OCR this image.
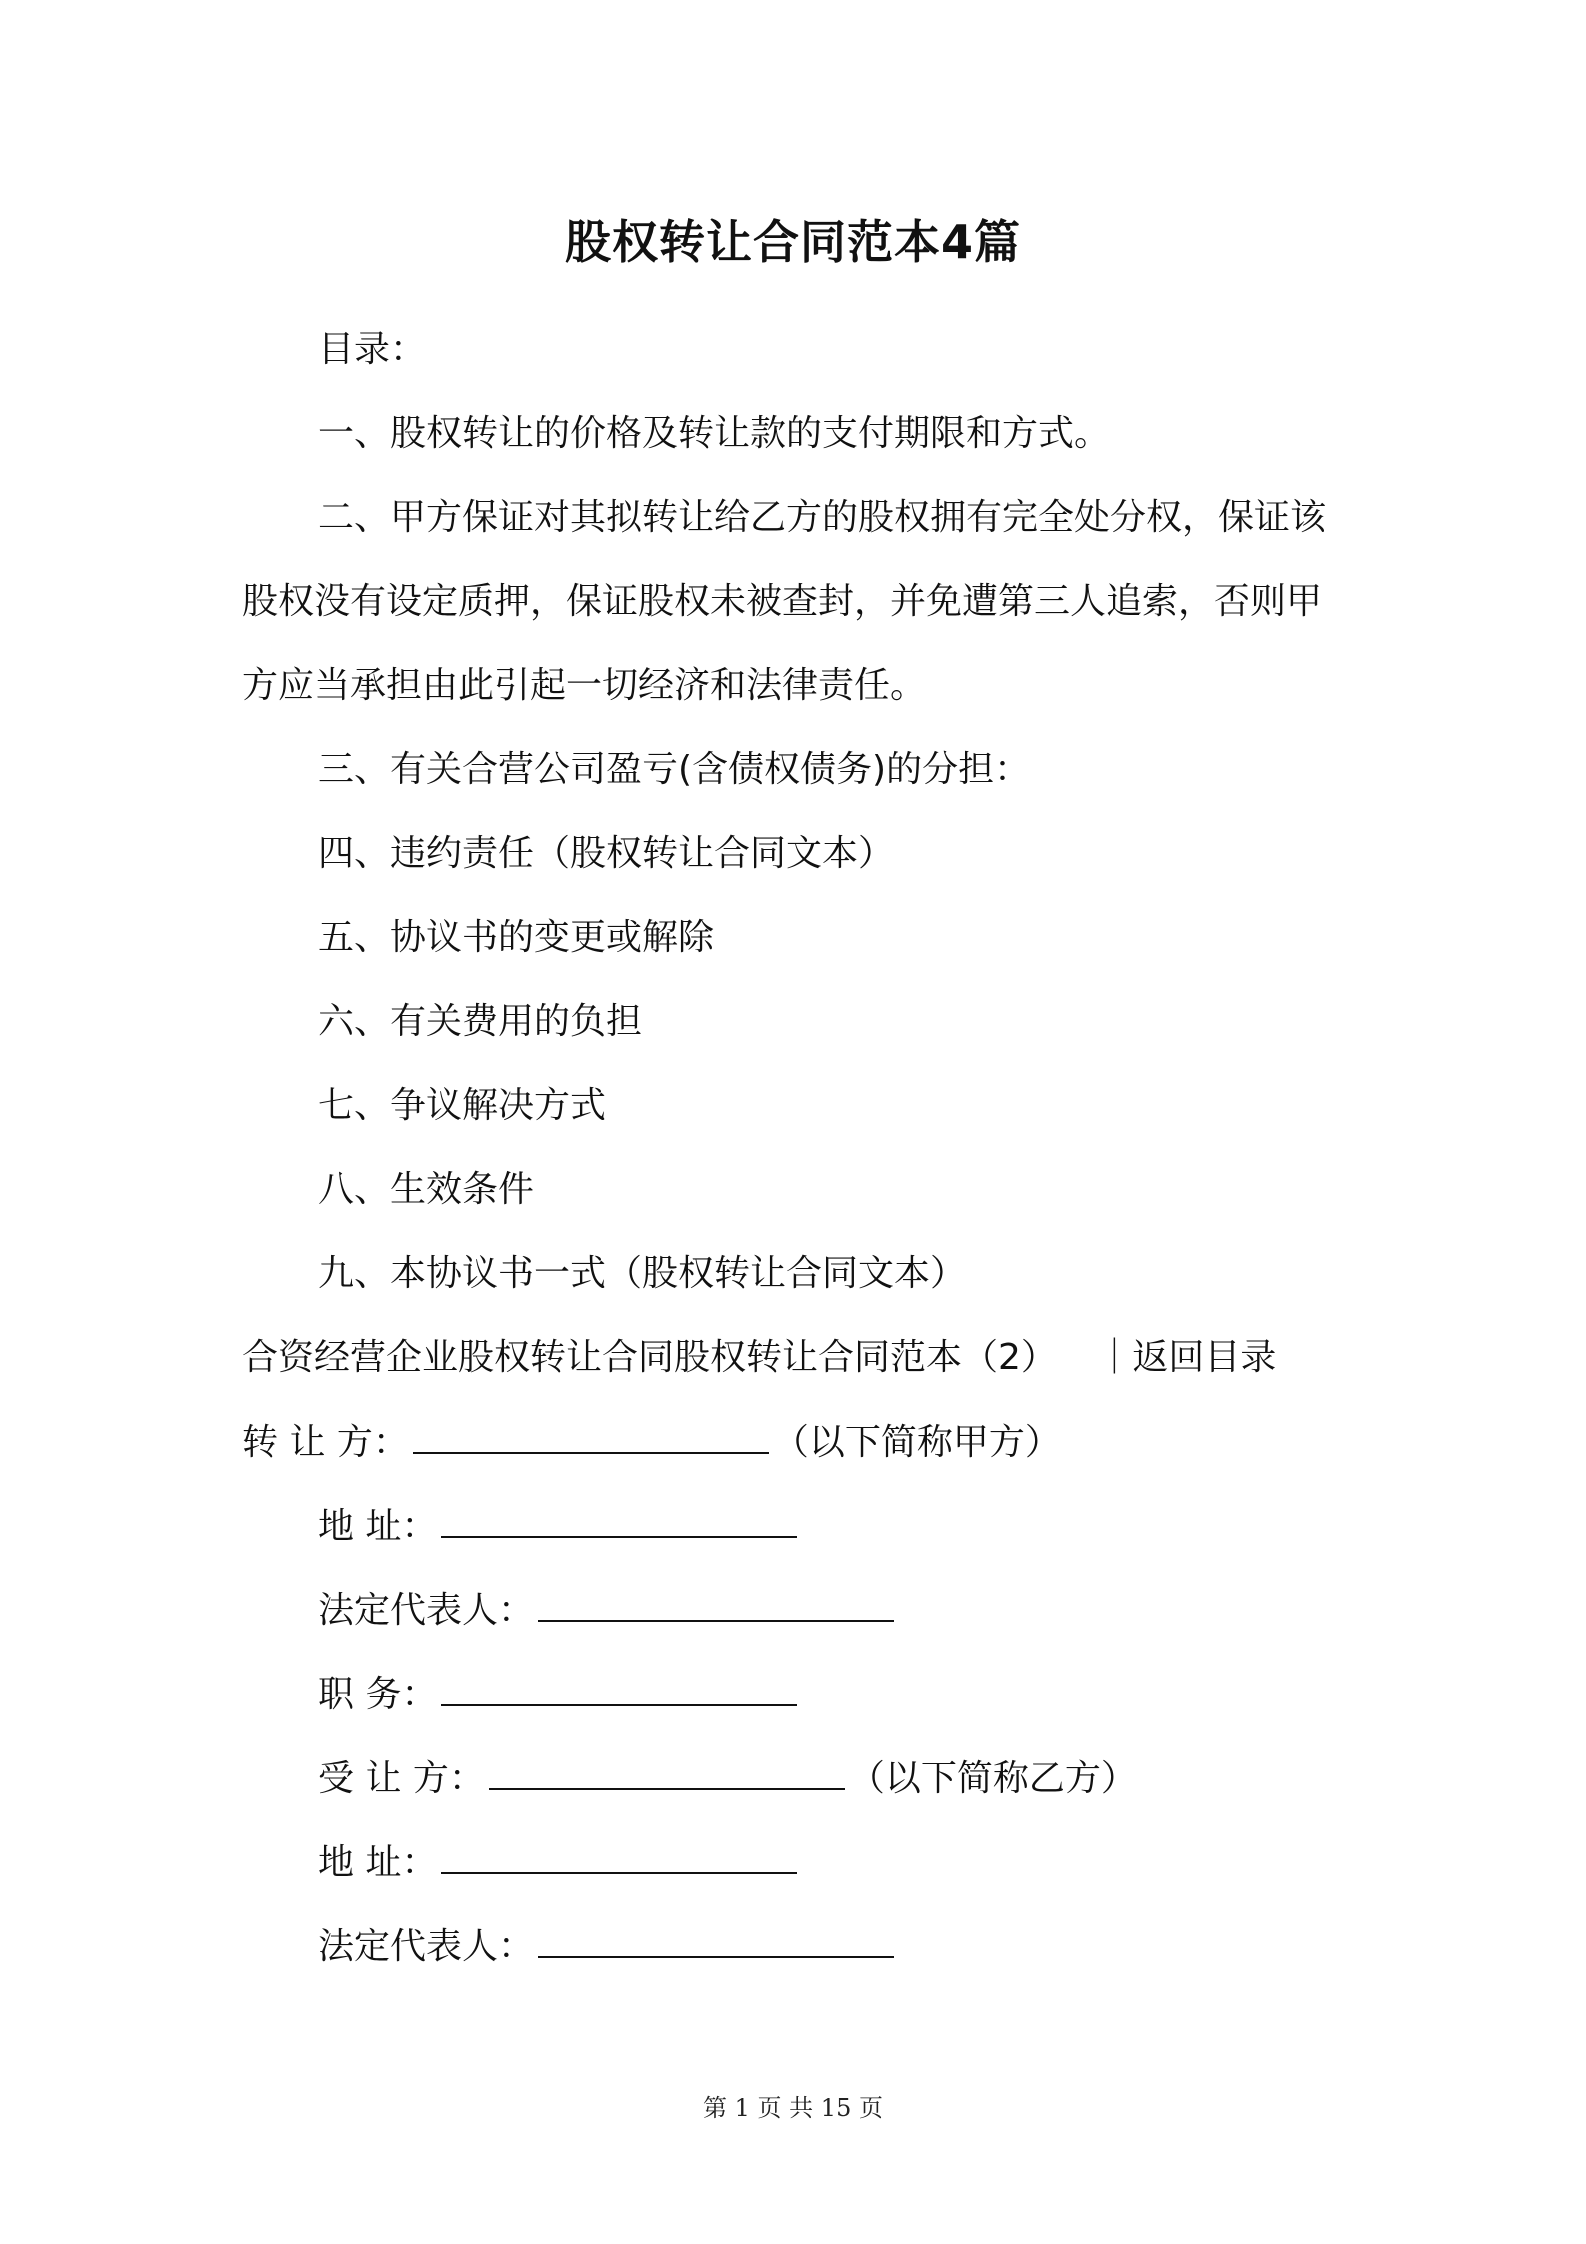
股权转让合同范本4篇
目录：
一、股权转让的价格及转让款的支付期限和方式。
二、甲方保证对其拟转让给乙方的股权拥有完全处分权，保证该
股权没有设定质押，保证股权未被查封，并免遭第三人追索，否则甲
方应当承担由此引起一切经济和法律责任。
三、有关合营公司盈亏(含债权债务)的分担：
四、违约责任（股权转让合同文本）
五、协议书的变更或解除
六、有关费用的负担
七、争议解决方式
八、生效条件
九、本协议书一式（股权转让合同文本）
合资经营企业股权转让合同股权转让合同范本（2） ｜返回目录
转 让 方：	（以下简称甲方）
地 址：
法定代表人：
职 务：
受 让 方：	（以下简称乙方）
地 址：
法定代表人：
第 1 页 共 15 页
